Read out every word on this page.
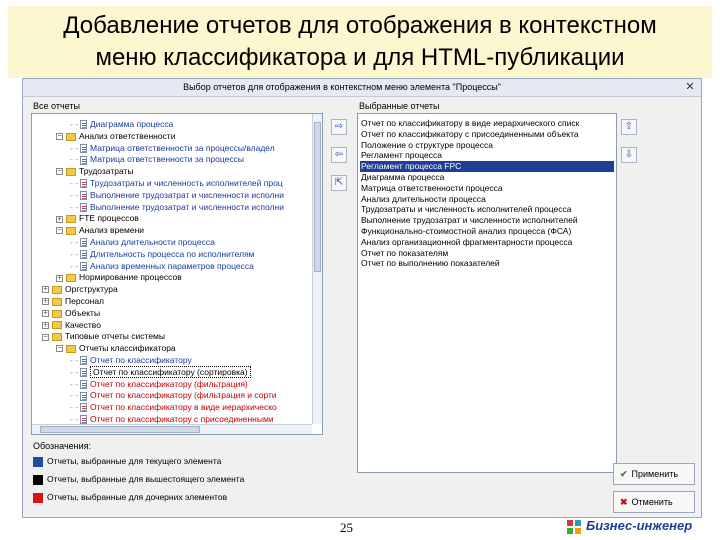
Добавление отчетов для отображения в контекстном
меню классификатора и для HTML-публикации
Выбор отчетов для отображения в контекстном меню элемента "Процессы"	✕
Все отчеты	Выбранные отчеты
- - Отчет по классификатору с присоединенными
- - Отчет по классификатору в виде иерархическо
- - Отчет по классификатору (фильтрация и сорти
- - Отчет по классификатору (фильтрация)
- - Отчет по классификатору (сортировка)
- - Отчет по классификатору
− Отчеты классификатора
− Типовые отчеты системы
+ Качество
+ Объекты
+ Персонал
+ Оргструктура
+ Нормирование процессов
- - Анализ временных параметров процесса
- - Длительность процесса по исполнителям
- - Анализ длительности процесса
− Анализ времени
+ FTE процессов
- - Выполнение трудозатрат и численности исполни
- - Выполнение трудозатрат и численности исполни
- - Трудозатраты и численность исполнителей проц
− Трудозатраты
- - Матрица ответственности за процессы
- - Матрица ответственности за процессы/владел
− Анализ ответственности
- - Диаграмма процесса	⇨
⇦
⇱
Отчет по классификатору в виде иерархического списк
Отчет по классификатору с присоединенными объекта
Положение о структуре процесса
Регламент процесса
Регламент процесса FPC
Диаграмма процесса
Матрица ответственности процесса
Анализ длительности процесса
Трудозатраты и численность исполнителей процесса
Выполнение трудозатрат и численности исполнителей
Функционально-стоимостной анализ процесса (ФСА)
Анализ организационной фрагментарности процесса
Отчет по показателям
Отчет по выполнению показателей
⇧
⇩
Обозначения:
Отчеты, выбранные для текущего элемента
Отчеты, выбранные для вышестоящего элемента
Отчеты, выбранные для дочерних элементов
✔ Применить
✖ Отменить
25	Бизнес-инженер
